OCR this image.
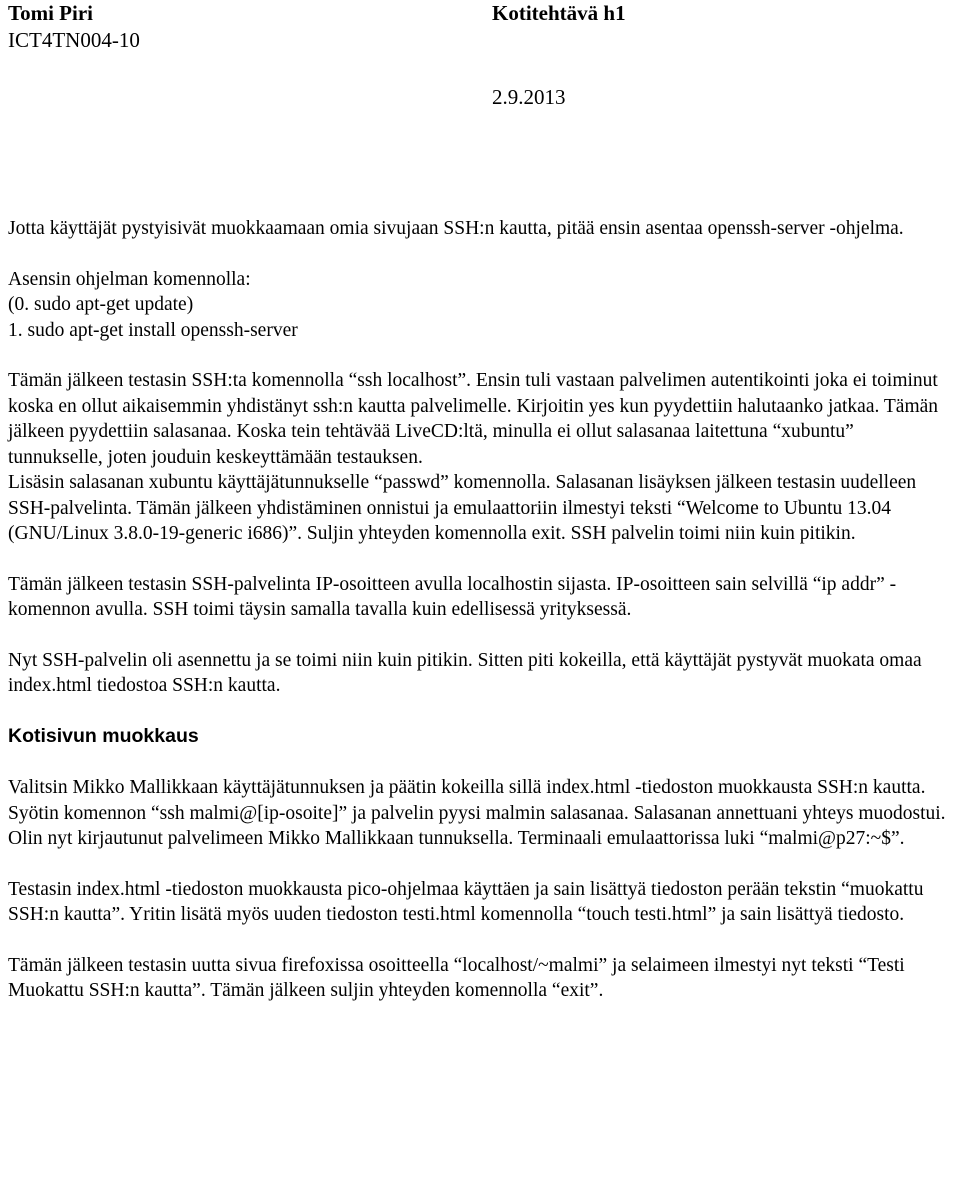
Tomi Piri
ICT4TN004-10
Kotitehtävä h1
2.9.2013

Jotta käyttäjät pystyisivät muokkaamaan omia sivujaan SSH:n kautta, pitää ensin asentaa openssh-server -ohjelma.

Asensin ohjelman komennolla:
(0. sudo apt-get update)
1. sudo apt-get install openssh-server
Tämän jälkeen testasin SSH:ta komennolla “ssh localhost”. Ensin tuli vastaan palvelimen autentikointi joka ei toiminut koska en ollut aikaisemmin yhdistänyt ssh:n kautta palvelimelle. Kirjoitin yes kun pyydettiin halutaanko jatkaa. Tämän jälkeen pyydettiin salasanaa. Koska tein tehtävää LiveCD:ltä, minulla ei ollut salasanaa laitettuna “xubuntu” tunnukselle, joten jouduin keskeyttämään testauksen.
Lisäsin salasanan xubuntu käyttäjätunnukselle “passwd” komennolla. Salasanan lisäyksen jälkeen testasin uudelleen SSH-palvelinta. Tämän jälkeen yhdistäminen onnistui ja emulaattoriin ilmestyi teksti “Welcome to Ubuntu 13.04 (GNU/Linux 3.8.0-19-generic i686)”. Suljin yhteyden komennolla exit. SSH palvelin toimi niin kuin pitikin.

Tämän jälkeen testasin SSH-palvelinta IP-osoitteen avulla localhostin sijasta. IP-osoitteen sain selvillä “ip addr” -komennon avulla. SSH toimi täysin samalla tavalla kuin edellisessä yrityksessä.

Nyt SSH-palvelin oli asennettu ja se toimi niin kuin pitikin. Sitten piti kokeilla, että käyttäjät pystyvät muokata omaa index.html tiedostoa SSH:n kautta.

Kotisivun muokkaus

Valitsin Mikko Mallikkaan käyttäjätunnuksen ja päätin kokeilla sillä index.html -tiedoston muokkausta SSH:n kautta. Syötin komennon “ssh malmi@[ip-osoite]” ja palvelin pyysi malmin salasanaa. Salasanan annettuani yhteys muodostui. Olin nyt kirjautunut palvelimeen Mikko Mallikkaan tunnuksella. Terminaali emulaattorissa luki “malmi@p27:~$”.

Testasin index.html -tiedoston muokkausta pico-ohjelmaa käyttäen ja sain lisättyä tiedoston perään tekstin “muokattu SSH:n kautta”. Yritin lisätä myös uuden tiedoston testi.html komennolla “touch testi.html” ja sain lisättyä tiedosto.

Tämän jälkeen testasin uutta sivua firefoxissa osoitteella “localhost/~malmi” ja selaimeen ilmestyi nyt teksti “Testi Muokattu SSH:n kautta”. Tämän jälkeen suljin yhteyden komennolla “exit”.
